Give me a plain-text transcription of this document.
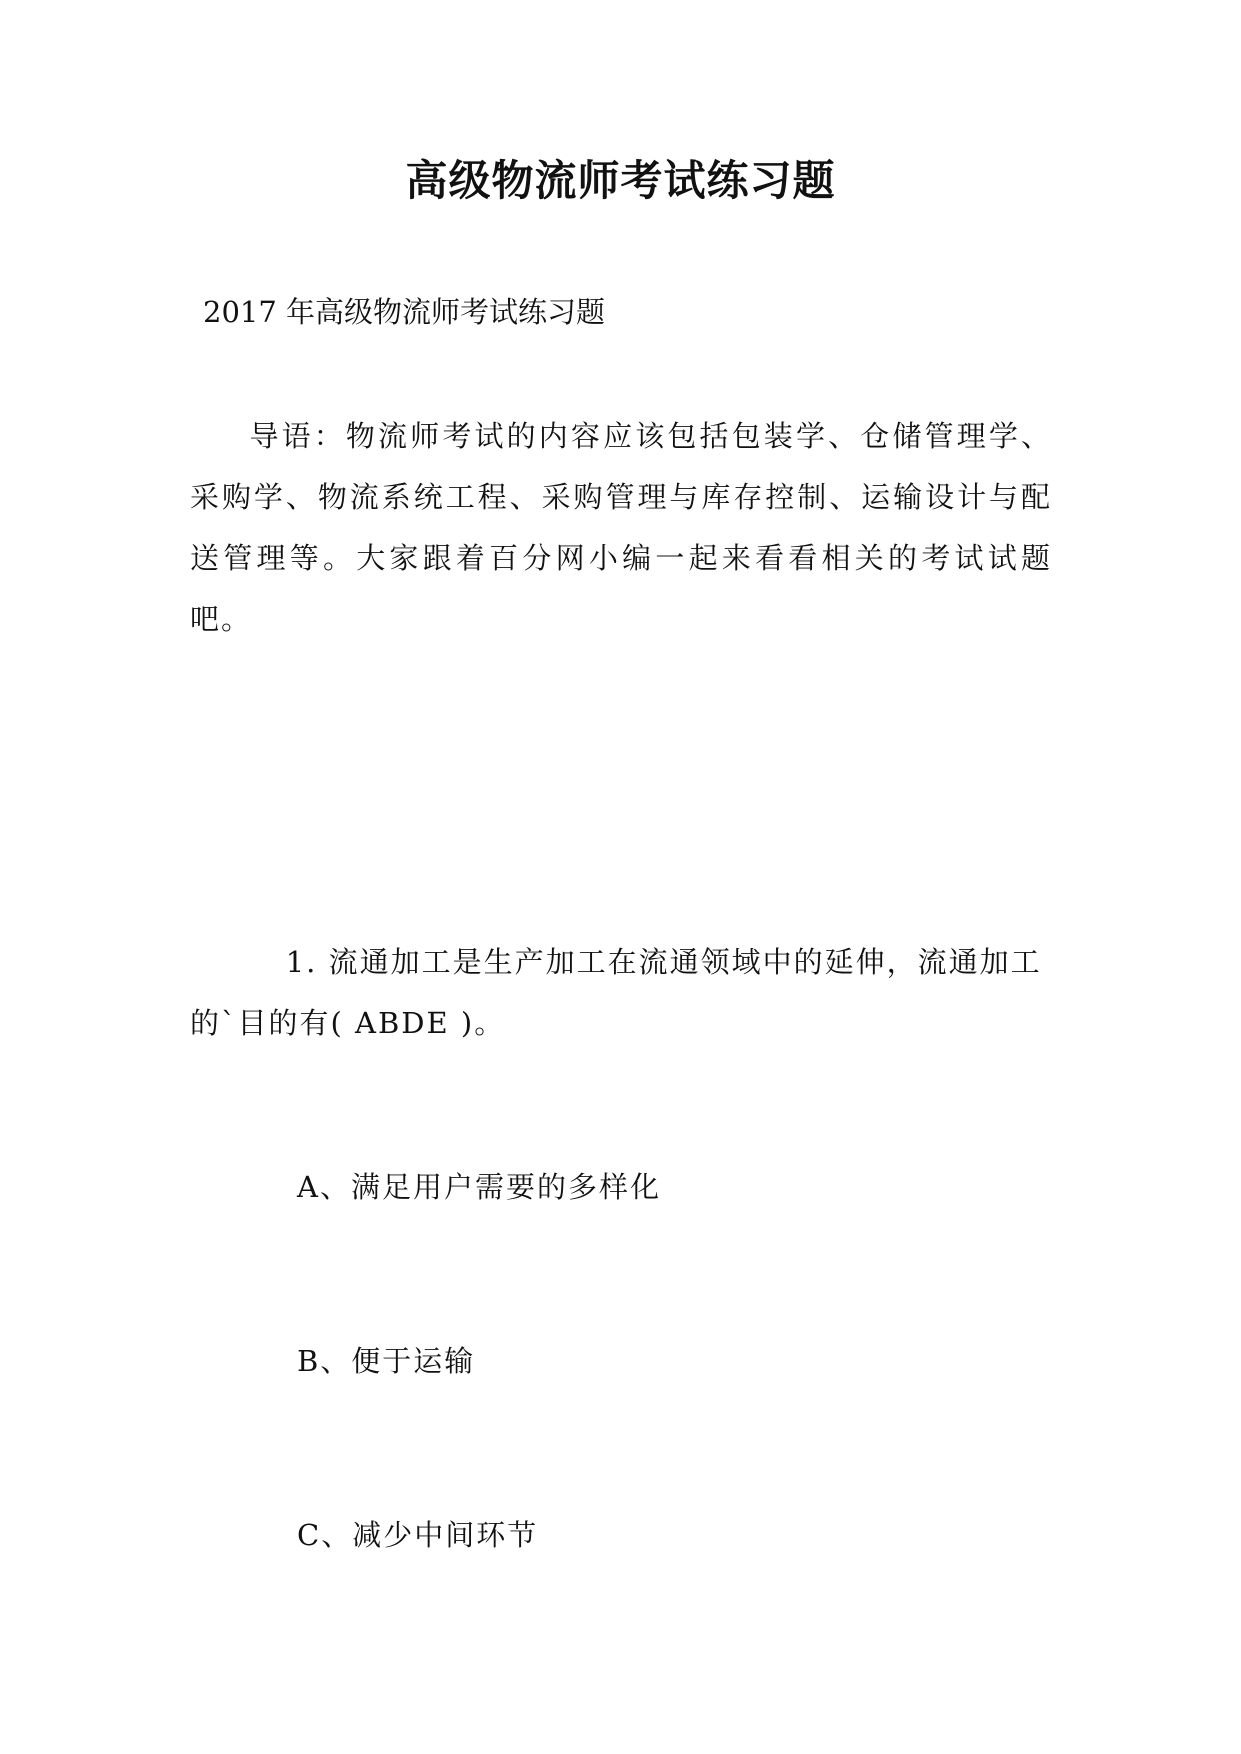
高级物流师考试练习题

2017 年高级物流师考试练习题

导语：物流师考试的内容应该包括包装学、仓储管理学、采购学、物流系统工程、采购管理与库存控制、运输设计与配送管理等。大家跟着百分网小编一起来看看相关的考试试题吧。

1. 流通加工是生产加工在流通领域中的延伸，流通加工的`目的有( ABDE )。

A、满足用户需要的多样化

B、便于运输

C、减少中间环节
